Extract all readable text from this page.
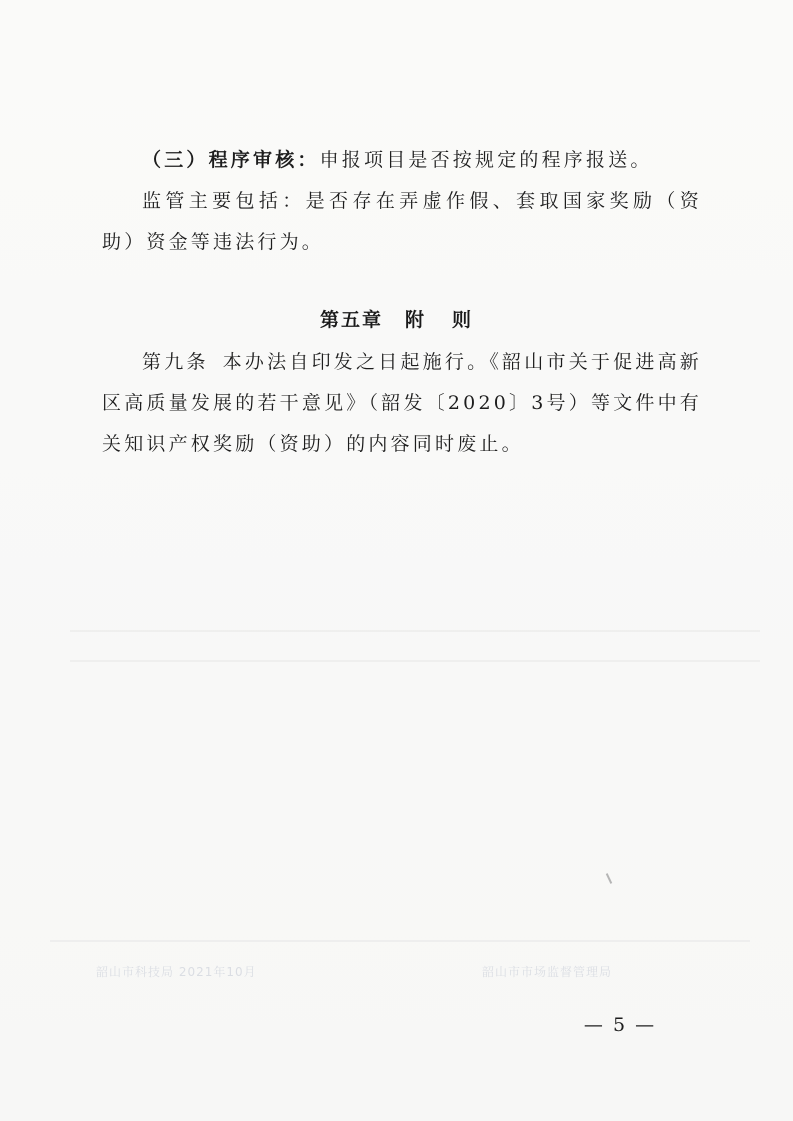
（三）程序审核：申报项目是否按规定的程序报送。

监管主要包括：是否存在弄虚作假、套取国家奖励（资助）资金等违法行为。

第五章 附 则

第九条 本办法自印发之日起施行。《韶山市关于促进高新区高质量发展的若干意见》（韶发〔2020〕3号）等文件中有关知识产权奖励（资助）的内容同时废止。

韶山市科技局 2021年10月	韶山市市场监督管理局
— 5 —
